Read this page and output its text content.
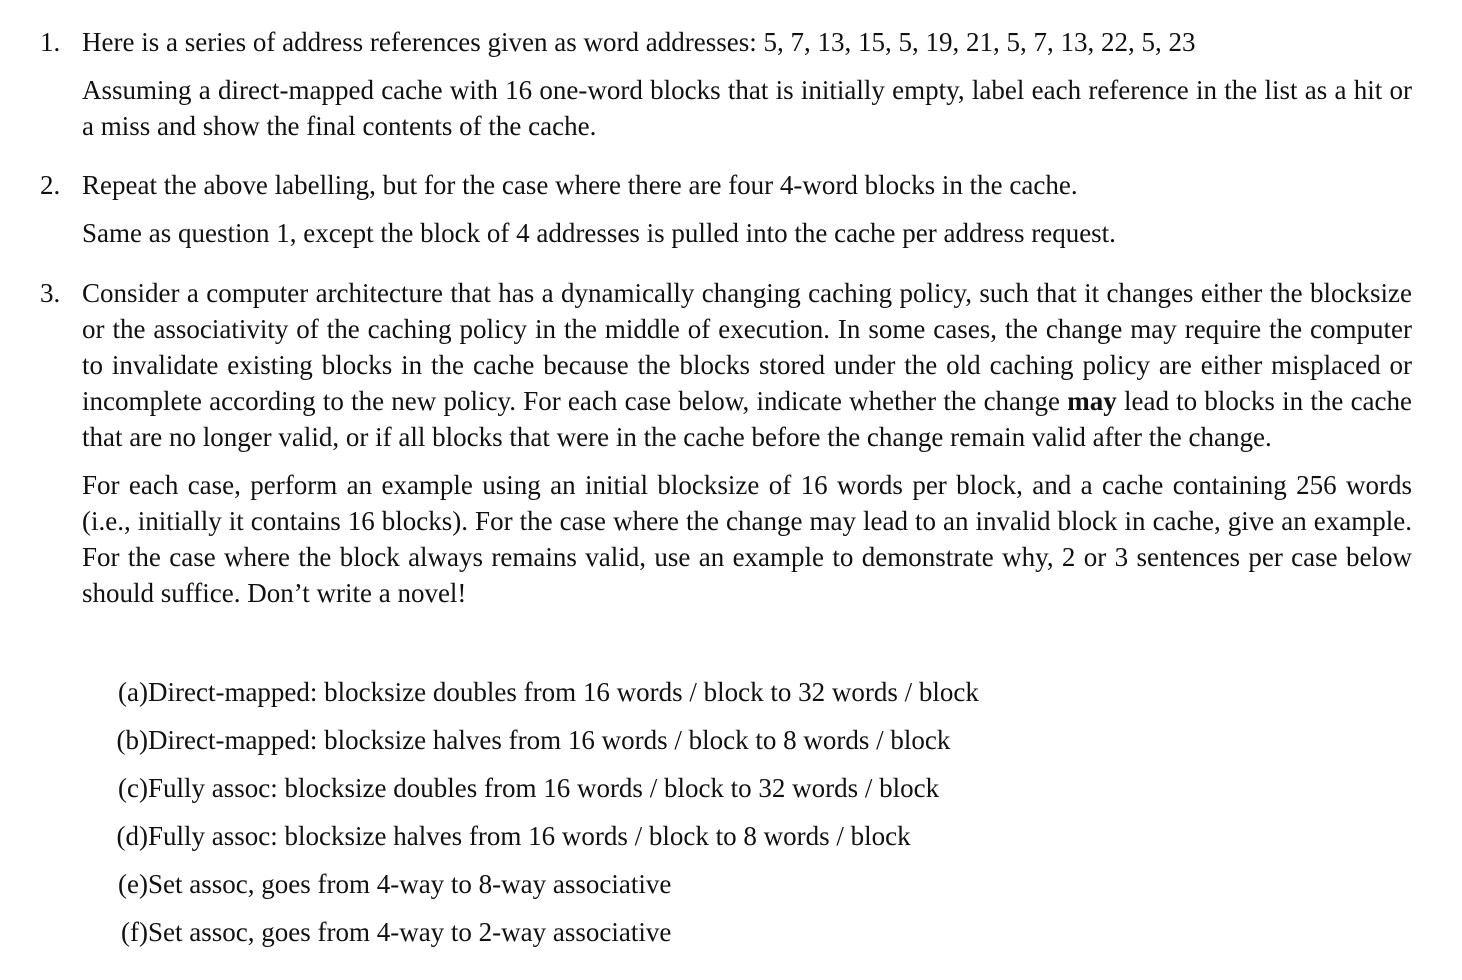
1. Here is a series of address references given as word addresses: 5, 7, 13, 15, 5, 19, 21, 5, 7, 13, 22, 5, 23

Assuming a direct-mapped cache with 16 one-word blocks that is initially empty, label each reference in the list as a hit or a miss and show the final contents of the cache.

2. Repeat the above labelling, but for the case where there are four 4-word blocks in the cache.

Same as question 1, except the block of 4 addresses is pulled into the cache per address request.

3. Consider a computer architecture that has a dynamically changing caching policy, such that it changes either the blocksize or the associativity of the caching policy in the middle of execution. In some cases, the change may require the computer to invalidate existing blocks in the cache because the blocks stored under the old caching policy are either misplaced or incomplete according to the new policy. For each case below, indicate whether the change may lead to blocks in the cache that are no longer valid, or if all blocks that were in the cache before the change remain valid after the change.

For each case, perform an example using an initial blocksize of 16 words per block, and a cache containing 256 words (i.e., initially it contains 16 blocks). For the case where the change may lead to an invalid block in cache, give an example. For the case where the block always remains valid, use an example to demonstrate why, 2 or 3 sentences per case below should suffice. Don’t write a novel!

(a) Direct-mapped: blocksize doubles from 16 words / block to 32 words / block
(b) Direct-mapped: blocksize halves from 16 words / block to 8 words / block
(c) Fully assoc: blocksize doubles from 16 words / block to 32 words / block
(d) Fully assoc: blocksize halves from 16 words / block to 8 words / block
(e) Set assoc, goes from 4-way to 8-way associative
(f) Set assoc, goes from 4-way to 2-way associative
